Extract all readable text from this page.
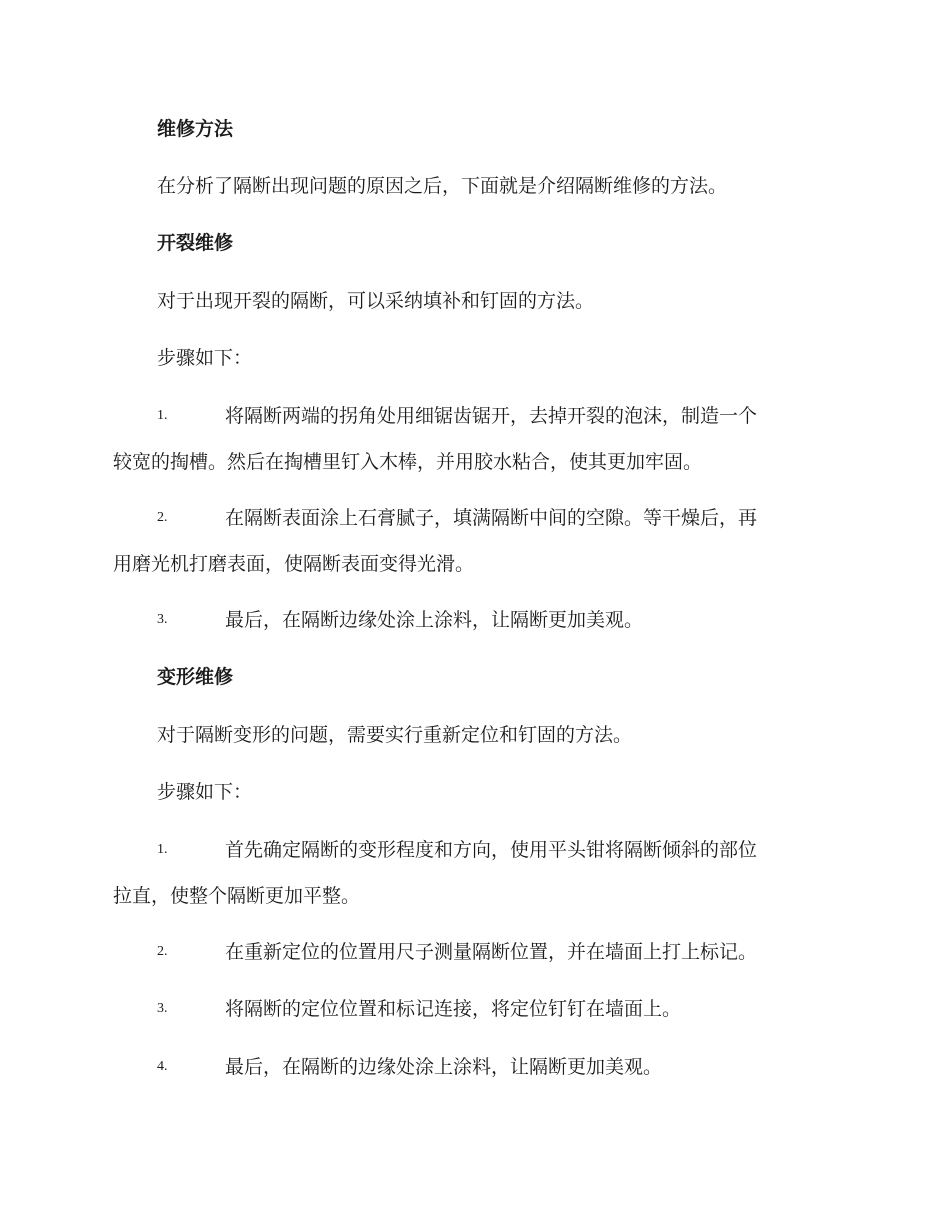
维修方法

在分析了隔断出现问题的原因之后，下面就是介绍隔断维修的方法。

开裂维修

对于出现开裂的隔断，可以采纳填补和钉固的方法。

步骤如下：

1.	将隔断两端的拐角处用细锯齿锯开，去掉开裂的泡沫，制造一个
较宽的掏槽。然后在掏槽里钉入木棒，并用胶水粘合，使其更加牢固。
2.	在隔断表面涂上石膏腻子，填满隔断中间的空隙。等干燥后，再
用磨光机打磨表面，使隔断表面变得光滑。
3.	最后，在隔断边缘处涂上涂料，让隔断更加美观。
变形维修

对于隔断变形的问题，需要实行重新定位和钉固的方法。

步骤如下：

1.	首先确定隔断的变形程度和方向，使用平头钳将隔断倾斜的部位
拉直，使整个隔断更加平整。
2.	在重新定位的位置用尺子测量隔断位置，并在墙面上打上标记。
3.	将隔断的定位位置和标记连接，将定位钉钉在墙面上。
4.	最后，在隔断的边缘处涂上涂料，让隔断更加美观。
